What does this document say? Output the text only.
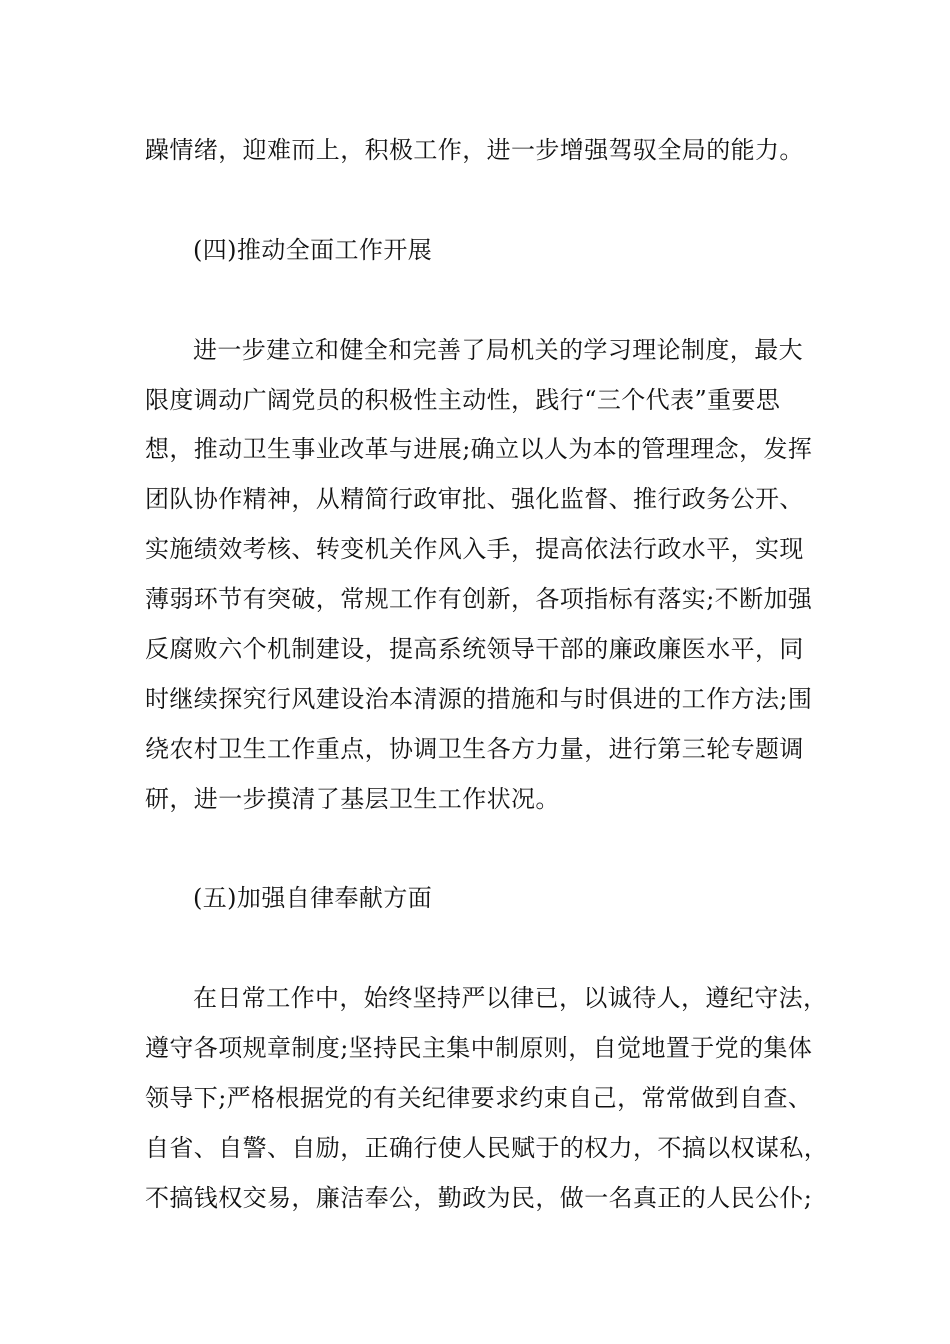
躁情绪，迎难而上，积极工作，进一步增强驾驭全局的能力。
(四)推动全面工作开展
进一步建立和健全和完善了局机关的学习理论制度，最大
限度调动广阔党员的积极性主动性，践行“三个代表”重要思
想，推动卫生事业改革与进展;确立以人为本的管理理念，发挥
团队协作精神，从精简行政审批、强化监督、推行政务公开、
实施绩效考核、转变机关作风入手，提高依法行政水平，实现
薄弱环节有突破，常规工作有创新，各项指标有落实;不断加强
反腐败六个机制建设，提高系统领导干部的廉政廉医水平，同
时继续探究行风建设治本清源的措施和与时俱进的工作方法;围
绕农村卫生工作重点，协调卫生各方力量，进行第三轮专题调
研，进一步摸清了基层卫生工作状况。
(五)加强自律奉献方面
在日常工作中，始终坚持严以律已，以诚待人，遵纪守法，
遵守各项规章制度;坚持民主集中制原则，自觉地置于党的集体
领导下;严格根据党的有关纪律要求约束自己，常常做到自查、
自省、自警、自励，正确行使人民赋于的权力，不搞以权谋私，
不搞钱权交易，廉洁奉公，勤政为民，做一名真正的人民公仆;
